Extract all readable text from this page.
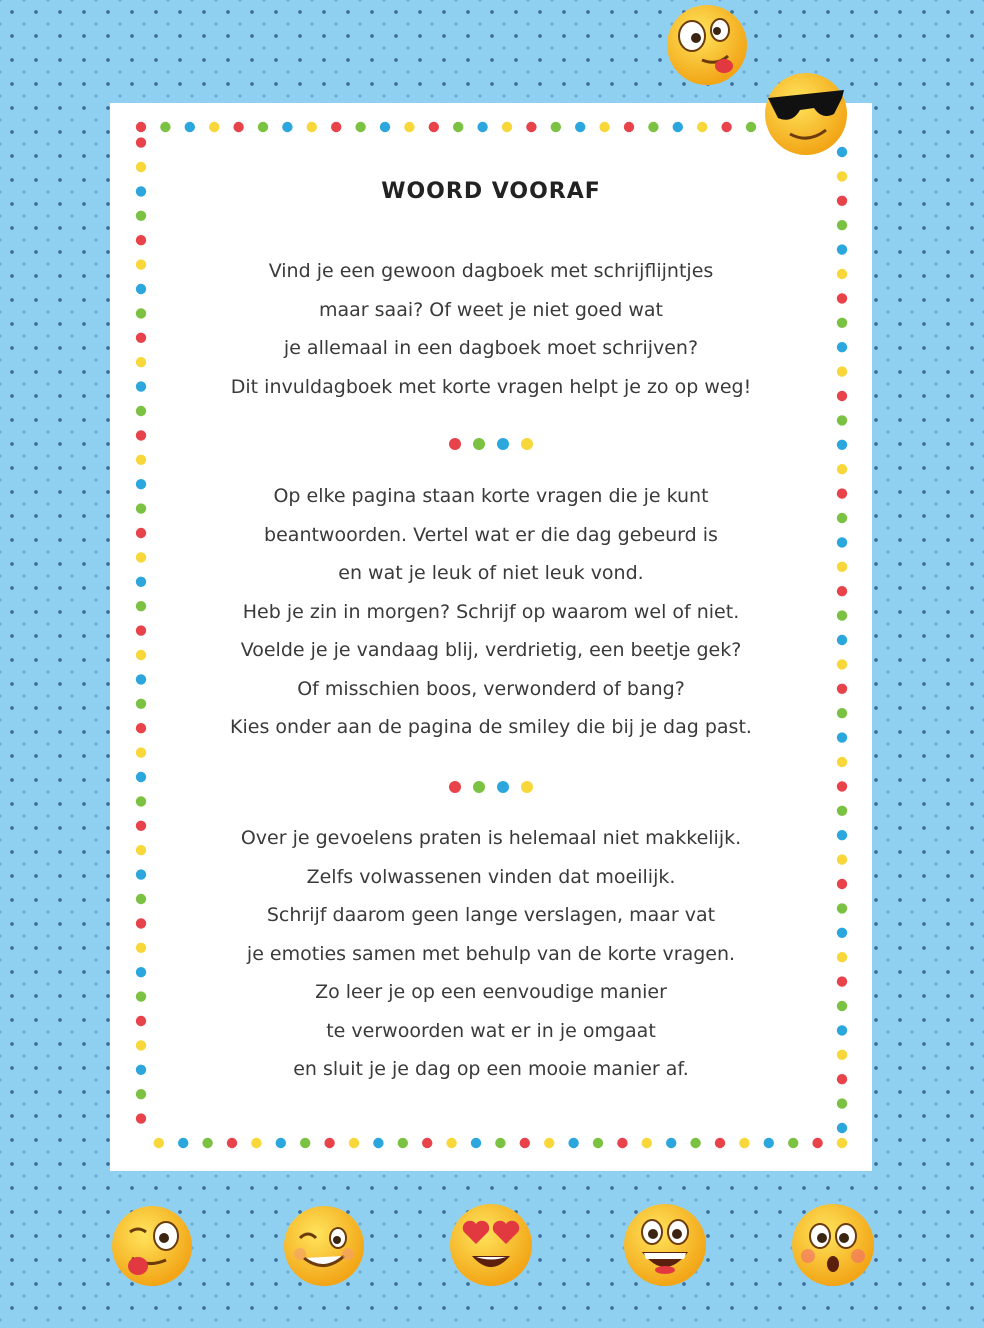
WOORD VOORAF
Vind je een gewoon dagboek met schrijflijntjes
maar saai? Of weet je niet goed wat
je allemaal in een dagboek moet schrijven?
Dit invuldagboek met korte vragen helpt je zo op weg!
Op elke pagina staan korte vragen die je kunt
beantwoorden. Vertel wat er die dag gebeurd is
en wat je leuk of niet leuk vond.
Heb je zin in morgen? Schrijf op waarom wel of niet.
Voelde je je vandaag blij, verdrietig, een beetje gek?
Of misschien boos, verwonderd of bang?
Kies onder aan de pagina de smiley die bij je dag past.
Over je gevoelens praten is helemaal niet makkelijk.
Zelfs volwassenen vinden dat moeilijk.
Schrijf daarom geen lange verslagen, maar vat
je emoties samen met behulp van de korte vragen.
Zo leer je op een eenvoudige manier
te verwoorden wat er in je omgaat
en sluit je je dag op een mooie manier af.
